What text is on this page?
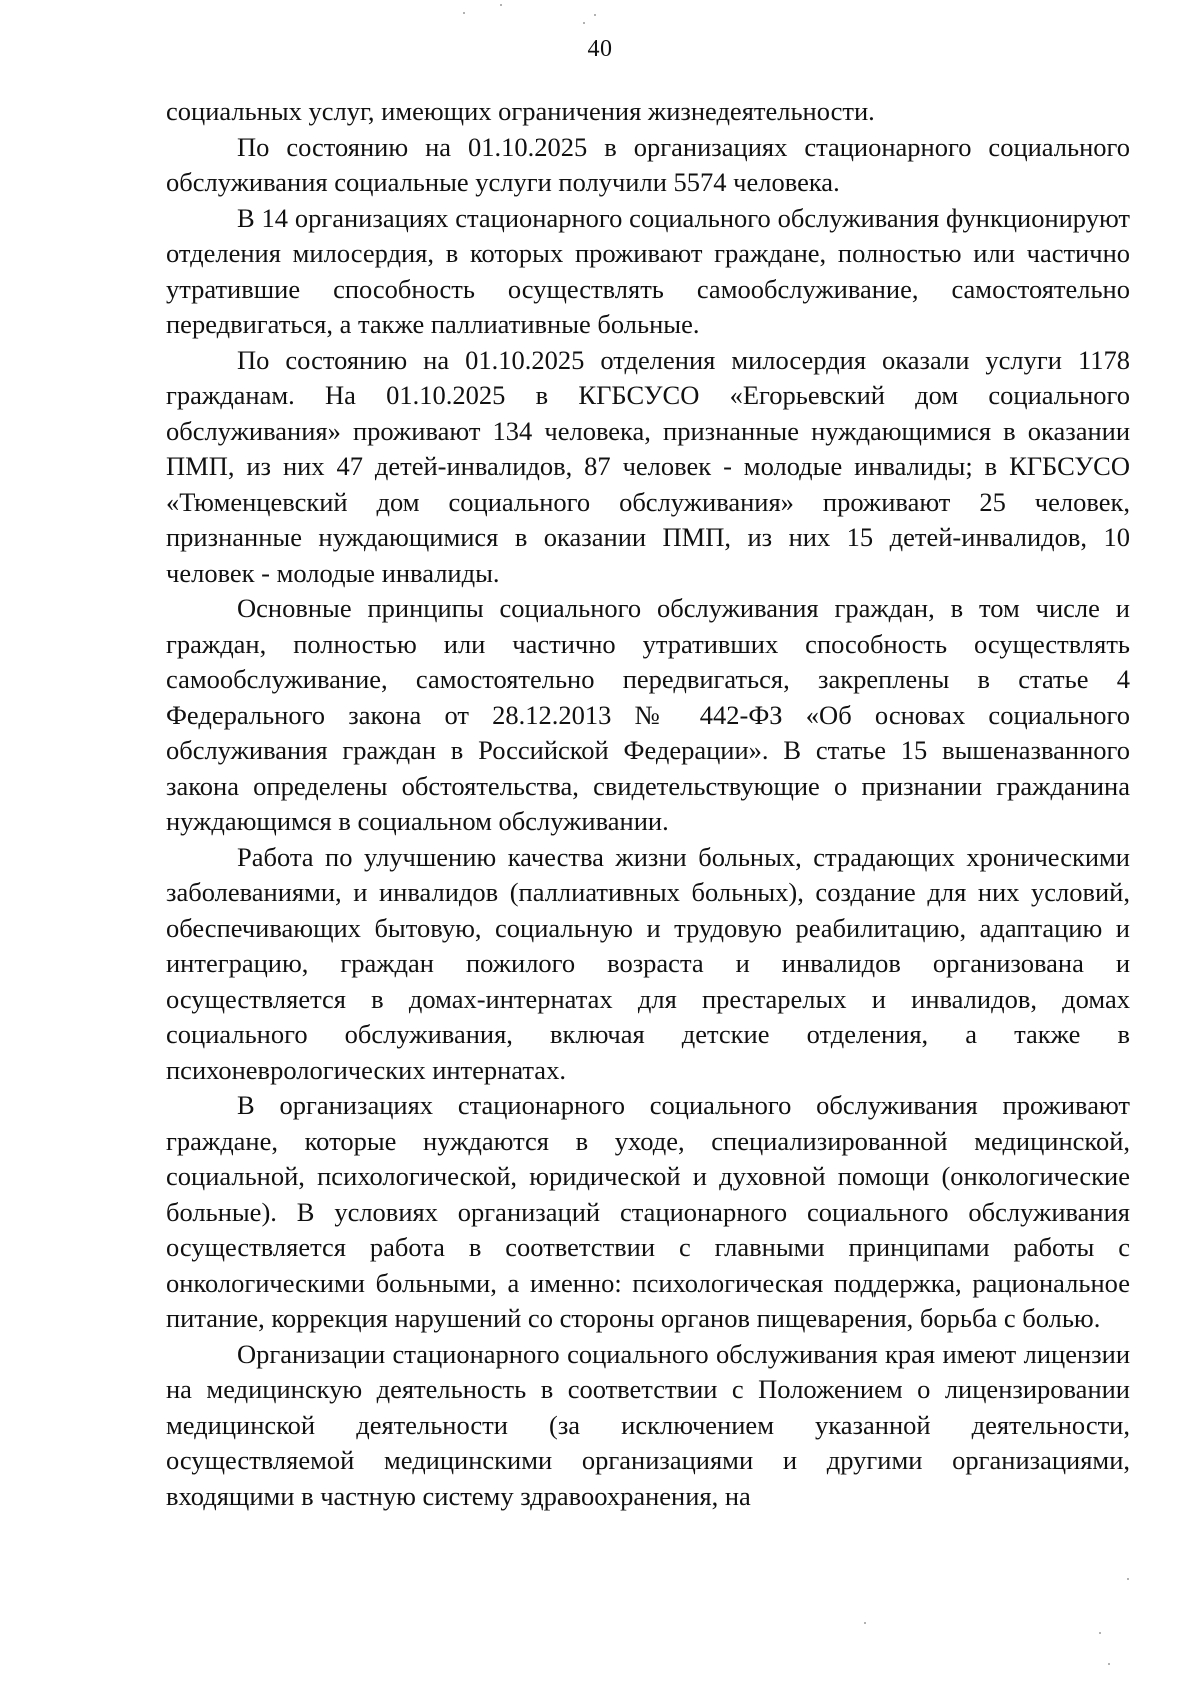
40

социальных услуг, имеющих ограничения жизнедеятельности.

По состоянию на 01.10.2025 в организациях стационарного социального обслуживания социальные услуги получили 5574 человека.

В 14 организациях стационарного социального обслуживания функционируют отделения милосердия, в которых проживают граждане, полностью или частично утратившие способность осуществлять самообслуживание, самостоятельно передвигаться, а также паллиативные больные.

По состоянию на 01.10.2025 отделения милосердия оказали услуги 1178 гражданам. На 01.10.2025 в КГБСУСО «Егорьевский дом социального обслуживания» проживают 134 человека, признанные нуждающимися в оказании ПМП, из них 47 детей-инвалидов, 87 человек - молодые инвалиды; в КГБСУСО «Тюменцевский дом социального обслуживания» проживают 25 человек, признанные нуждающимися в оказании ПМП, из них 15 детей-инвалидов, 10 человек - молодые инвалиды.

Основные принципы социального обслуживания граждан, в том числе и граждан, полностью или частично утративших способность осуществлять самообслуживание, самостоятельно передвигаться, закреплены в статье 4 Федерального закона от 28.12.2013 № 442-ФЗ «Об основах социального обслуживания граждан в Российской Федерации». В статье 15 вышеназванного закона определены обстоятельства, свидетельствующие о признании гражданина нуждающимся в социальном обслуживании.

Работа по улучшению качества жизни больных, страдающих хроническими заболеваниями, и инвалидов (паллиативных больных), создание для них условий, обеспечивающих бытовую, социальную и трудовую реабилитацию, адаптацию и интеграцию, граждан пожилого возраста и инвалидов организована и осуществляется в домах-интернатах для престарелых и инвалидов, домах социального обслуживания, включая детские отделения, а также в психоневрологических интернатах.

В организациях стационарного социального обслуживания проживают граждане, которые нуждаются в уходе, специализированной медицинской, социальной, психологической, юридической и духовной помощи (онкологические больные). В условиях организаций стационарного социального обслуживания осуществляется работа в соответствии с главными принципами работы с онкологическими больными, а именно: психологическая поддержка, рациональное питание, коррекция нарушений со стороны органов пищеварения, борьба с болью.

Организации стационарного социального обслуживания края имеют лицензии на медицинскую деятельность в соответствии с Положением о лицензировании медицинской деятельности (за исключением указанной деятельности, осуществляемой медицинскими организациями и другими организациями, входящими в частную систему здравоохранения, на
